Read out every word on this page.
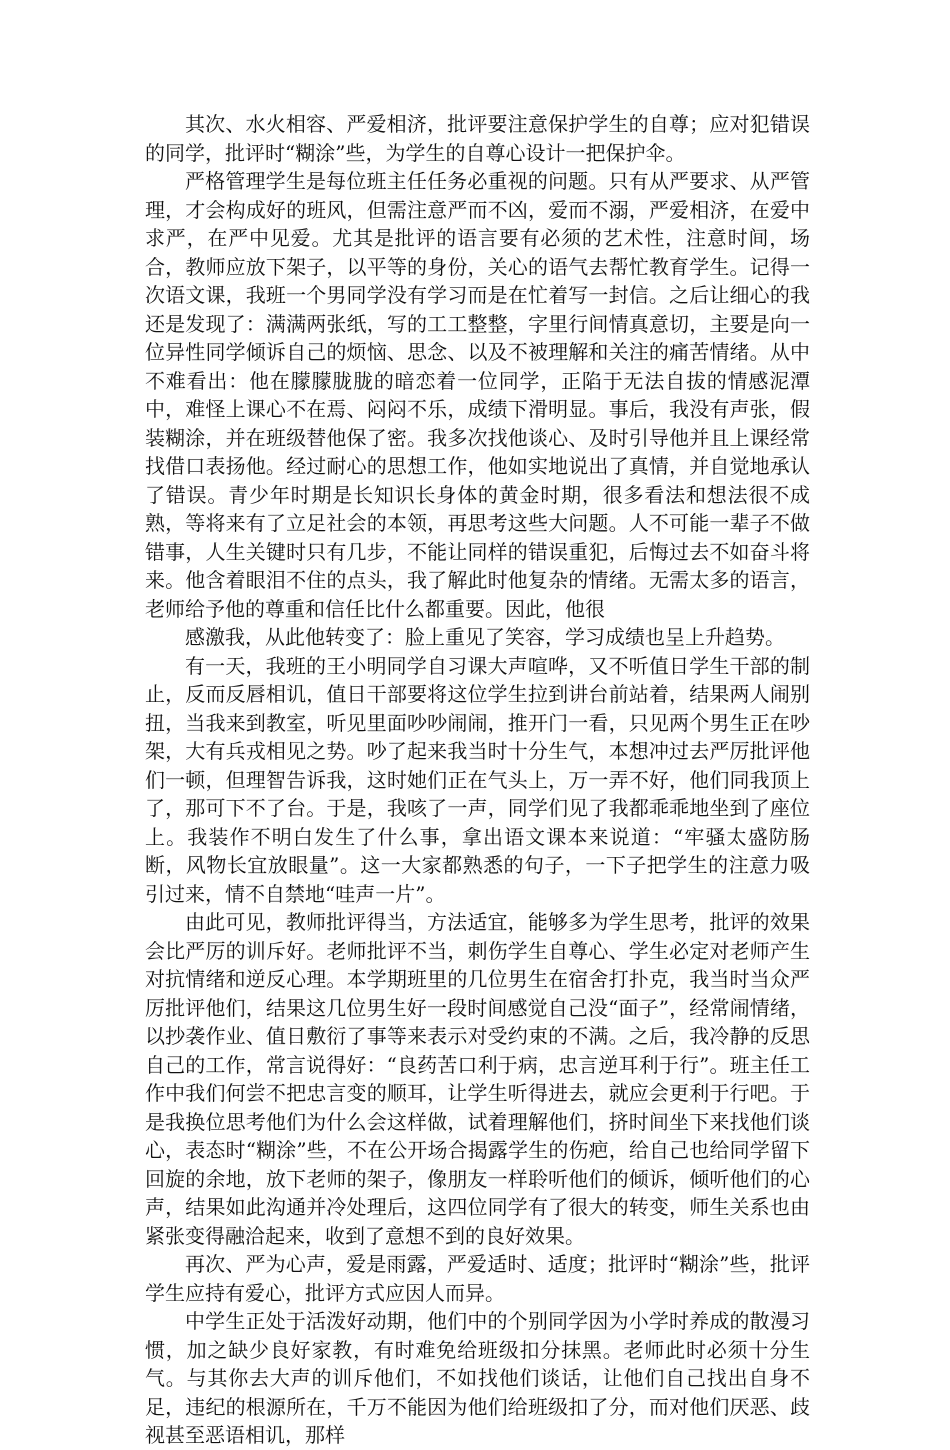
其次、水火相容、严爱相济，批评要注意保护学生的自尊；应对犯错误的同学，批评时“糊涂”些，为学生的自尊心设计一把保护伞。

严格管理学生是每位班主任任务必重视的问题。只有从严要求、从严管理，才会构成好的班风，但需注意严而不凶，爱而不溺，严爱相济，在爱中求严，在严中见爱。尤其是批评的语言要有必须的艺术性，注意时间，场合，教师应放下架子，以平等的身份，关心的语气去帮忙教育学生。记得一次语文课，我班一个男同学没有学习而是在忙着写一封信。之后让细心的我还是发现了：满满两张纸，写的工工整整，字里行间情真意切，主要是向一位异性同学倾诉自己的烦恼、思念、以及不被理解和关注的痛苦情绪。从中不难看出：他在朦朦胧胧的暗恋着一位同学，正陷于无法自拔的情感泥潭中，难怪上课心不在焉、闷闷不乐，成绩下滑明显。事后，我没有声张，假装糊涂，并在班级替他保了密。我多次找他谈心、及时引导他并且上课经常找借口表扬他。经过耐心的思想工作，他如实地说出了真情，并自觉地承认了错误。青少年时期是长知识长身体的黄金时期，很多看法和想法很不成熟，等将来有了立足社会的本领，再思考这些大问题。人不可能一辈子不做错事，人生关键时只有几步，不能让同样的错误重犯，后悔过去不如奋斗将来。他含着眼泪不住的点头，我了解此时他复杂的情绪。无需太多的语言，老师给予他的尊重和信任比什么都重要。因此，他很

感激我，从此他转变了：脸上重见了笑容，学习成绩也呈上升趋势。

有一天，我班的王小明同学自习课大声喧哗，又不听值日学生干部的制止，反而反唇相讥，值日干部要将这位学生拉到讲台前站着，结果两人闹别扭，当我来到教室，听见里面吵吵闹闹，推开门一看，只见两个男生正在吵架，大有兵戎相见之势。吵了起来我当时十分生气，本想冲过去严厉批评他们一顿，但理智告诉我，这时她们正在气头上，万一弄不好，他们同我顶上了，那可下不了台。于是，我咳了一声，同学们见了我都乖乖地坐到了座位上。我装作不明白发生了什么事，拿出语文课本来说道：“牢骚太盛防肠断，风物长宜放眼量”。这一大家都熟悉的句子，一下子把学生的注意力吸引过来，情不自禁地“哇声一片”。

由此可见，教师批评得当，方法适宜，能够多为学生思考，批评的效果会比严厉的训斥好。老师批评不当，刺伤学生自尊心、学生必定对老师产生对抗情绪和逆反心理。本学期班里的几位男生在宿舍打扑克，我当时当众严厉批评他们，结果这几位男生好一段时间感觉自己没“面子”，经常闹情绪，以抄袭作业、值日敷衍了事等来表示对受约束的不满。之后，我冷静的反思自己的工作，常言说得好：“良药苦口利于病，忠言逆耳利于行”。班主任工作中我们何尝不把忠言变的顺耳，让学生听得进去，就应会更利于行吧。于是我换位思考他们为什么会这样做，试着理解他们，挤时间坐下来找他们谈心，表态时“糊涂”些，不在公开场合揭露学生的伤疤，给自己也给同学留下回旋的余地，放下老师的架子，像朋友一样聆听他们的倾诉，倾听他们的心声，结果如此沟通并冷处理后，这四位同学有了很大的转变，师生关系也由紧张变得融洽起来，收到了意想不到的良好效果。

再次、严为心声，爱是雨露，严爱适时、适度；批评时“糊涂”些，批评学生应持有爱心，批评方式应因人而异。

中学生正处于活泼好动期，他们中的个别同学因为小学时养成的散漫习惯，加之缺少良好家教，有时难免给班级扣分抹黑。老师此时必须十分生气。与其你去大声的训斥他们，不如找他们谈话，让他们自己找出自身不足，违纪的根源所在，千万不能因为他们给班级扣了分，而对他们厌恶、歧视甚至恶语相讥，那样
